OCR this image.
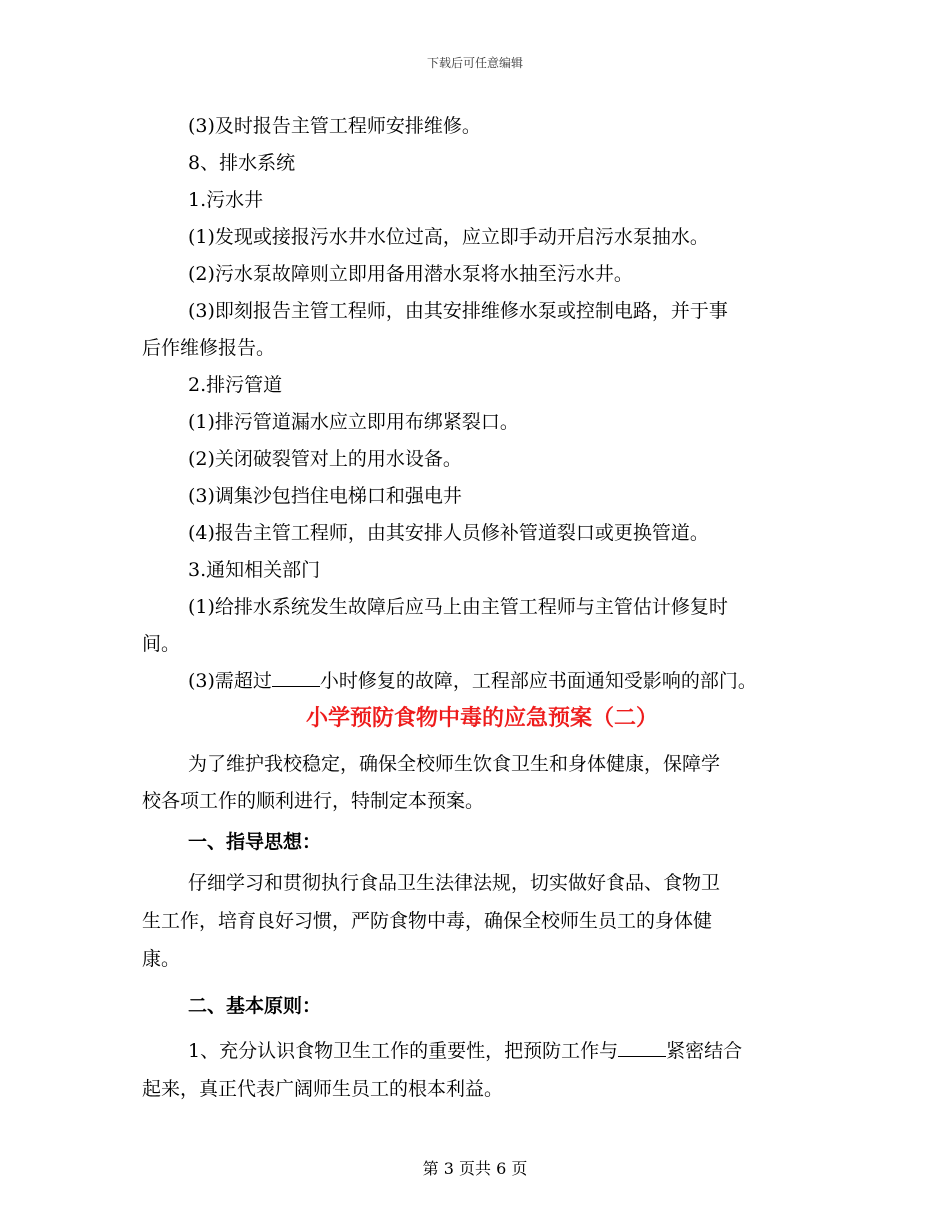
下载后可任意编辑

(3)及时报告主管工程师安排维修。

8、排水系统

1.污水井

(1)发现或接报污水井水位过高，应立即手动开启污水泵抽水。

(2)污水泵故障则立即用备用潜水泵将水抽至污水井。

(3)即刻报告主管工程师，由其安排维修水泵或控制电路，并于事

后作维修报告。

2.排污管道

(1)排污管道漏水应立即用布绑紧裂口。

(2)关闭破裂管对上的用水设备。

(3)调集沙包挡住电梯口和强电井

(4)报告主管工程师，由其安排人员修补管道裂口或更换管道。

3.通知相关部门

(1)给排水系统发生故障后应马上由主管工程师与主管估计修复时

间。

(3)需超过	小时修复的故障，工程部应书面通知受影响的部门。

小学预防食物中毒的应急预案（二）

为了维护我校稳定，确保全校师生饮食卫生和身体健康，保障学

校各项工作的顺利进行，特制定本预案。

一、指导思想：

仔细学习和贯彻执行食品卫生法律法规，切实做好食品、食物卫

生工作，培育良好习惯，严防食物中毒，确保全校师生员工的身体健

康。

二、基本原则：

1、充分认识食物卫生工作的重要性，把预防工作与	紧密结合

起来，真正代表广阔师生员工的根本利益。

第 3 页共 6 页
